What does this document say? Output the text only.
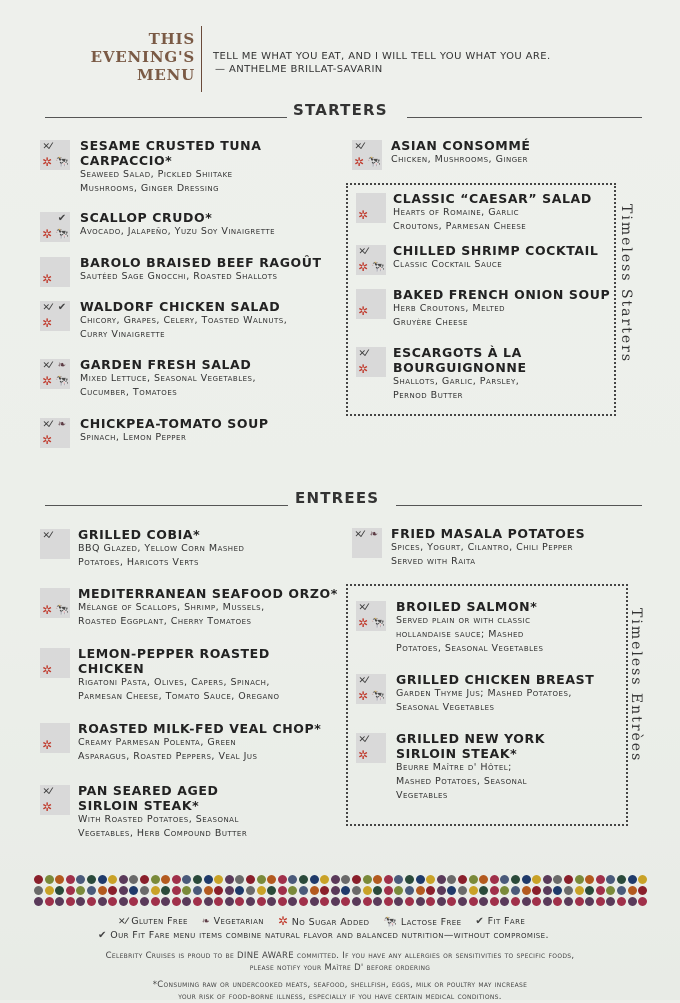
THIS
EVENING'S
MENU
TELL ME WHAT YOU EAT, AND I WILL TELL YOU WHAT YOU ARE.
— ANTHELME BRILLAT-SAVARIN
STARTERS
✕⁄
✲ 🐄
SESAME CRUSTED TUNA
CARPACCIO*
Seaweed Salad, Pickled Shiitake
Mushrooms, Ginger Dressing
✔
✲ 🐄
SCALLOP CRUDO*
Avocado, Jalapeño, Yuzu Soy Vinaigrette
✲
BAROLO BRAISED BEEF RAGOÛT
Sautéed Sage Gnocchi, Roasted Shallots
✕⁄ ✔
✲
WALDORF CHICKEN SALAD
Chicory, Grapes, Celery, Toasted Walnuts,
Curry Vinaigrette
✕⁄ ❧
✲ 🐄
GARDEN FRESH SALAD
Mixed Lettuce, Seasonal Vegetables,
Cucumber, Tomatoes
✕⁄ ❧
✲
CHICKPEA-TOMATO SOUP
Spinach, Lemon Pepper
✕⁄
✲ 🐄
ASIAN CONSOMMÉ
Chicken, Mushrooms, Ginger
Timeless Starters
✲
CLASSIC “CAESAR” SALAD
Hearts of Romaine, Garlic
Croutons, Parmesan Cheese
✕⁄
✲ 🐄
CHILLED SHRIMP COCKTAIL
Classic Cocktail Sauce
✲
BAKED FRENCH ONION SOUP
Herb Croutons, Melted
Gruyère Cheese
✕⁄
✲
ESCARGOTS À LA
BOURGUIGNONNE
Shallots, Garlic, Parsley,
Pernod Butter
ENTREES
✕⁄ GRILLED COBIA*
BBQ Glazed, Yellow Corn Mashed
Potatoes, Haricots Verts
✲ 🐄
MEDITERRANEAN SEAFOOD ORZO*
Mélange of Scallops, Shrimp, Mussels,
Roasted Eggplant, Cherry Tomatoes
✲
LEMON-PEPPER ROASTED
CHICKEN
Rigatoni Pasta, Olives, Capers, Spinach,
Parmesan Cheese, Tomato Sauce, Oregano
✲
ROASTED MILK-FED VEAL CHOP*
Creamy Parmesan Polenta, Green
Asparagus, Roasted Peppers, Veal Jus
✕⁄
✲
PAN SEARED AGED
SIRLOIN STEAK*
With Roasted Potatoes, Seasonal
Vegetables, Herb Compound Butter
✕⁄ ❧ FRIED MASALA POTATOES
Spices, Yogurt, Cilantro, Chili Pepper
Served with Raita
Timeless Entrèes
✕⁄
✲ 🐄
BROILED SALMON*
Served plain or with classic
hollandaise sauce; Mashed
Potatoes, Seasonal Vegetables
✕⁄
✲ 🐄
GRILLED CHICKEN BREAST
Garden Thyme Jus; Mashed Potatoes,
Seasonal Vegetables
✕⁄
✲
GRILLED NEW YORK
SIRLOIN STEAK*
Beurre Maître d' Hôtel;
Mashed Potatoes, Seasonal
Vegetables
✕⁄ Gluten Free ❧ Vegetarian ✲ No Sugar Added 🐄 Lactose Free ✔ Fit Fare
✔ Our Fit Fare menu items combine natural flavor and balanced nutrition—without compromise.
Celebrity Cruises is proud to be DINE AWARE committed. If you have any allergies or sensitivities to specific foods,
please notify your Maître D' before ordering
*Consuming raw or undercooked meats, seafood, shellfish, eggs, milk or poultry may increase
your risk of food-borne illness, especially if you have certain medical conditions.
